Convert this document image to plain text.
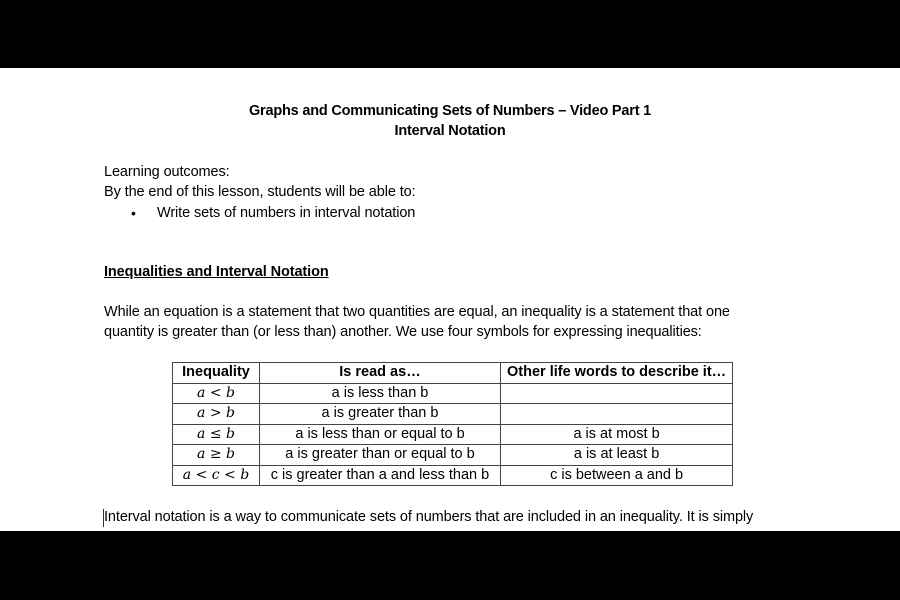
Graphs and Communicating Sets of Numbers – Video Part 1
Interval Notation
Learning outcomes:
By the end of this lesson, students will be able to:
• Write sets of numbers in interval notation
Inequalities and Interval Notation
While an equation is a statement that two quantities are equal, an inequality is a statement that one
quantity is greater than (or less than) another. We use four symbols for expressing inequalities:
Inequality	Is read as…	Other life words to describe it…
a < b	a is less than b	
a > b	a is greater than b	
a ≤ b	a is less than or equal to b	a is at most b
a ≥ b	a is greater than or equal to b	a is at least b
a < c < b	c is greater than a and less than b	c is between a and b
Interval notation is a way to communicate sets of numbers that are included in an inequality. It is simply
